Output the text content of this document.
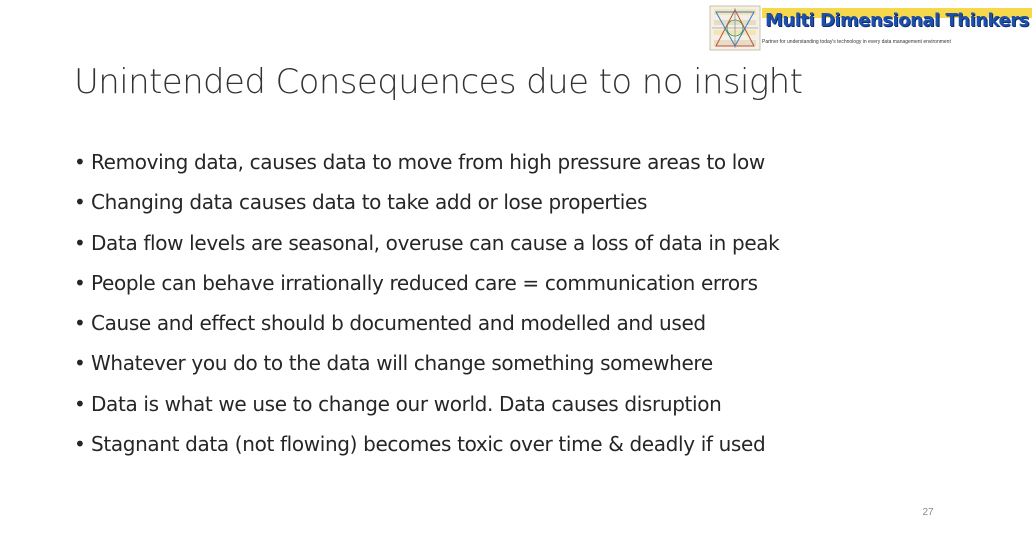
Multi Dimensional Thinkers
Partner for understanding today's technology in every data management environment
Unintended Consequences due to no insight
• Removing data, causes data to move from high pressure areas to low
• Changing data causes data to take add or lose properties
• Data flow levels are seasonal, overuse can cause a loss of data in peak
• People can behave irrationally reduced care = communication errors
• Cause and effect should b documented and modelled and used
• Whatever you do to the data will change something somewhere
• Data is what we use to change our world. Data causes disruption
• Stagnant data (not flowing) becomes toxic over time & deadly if used
27
